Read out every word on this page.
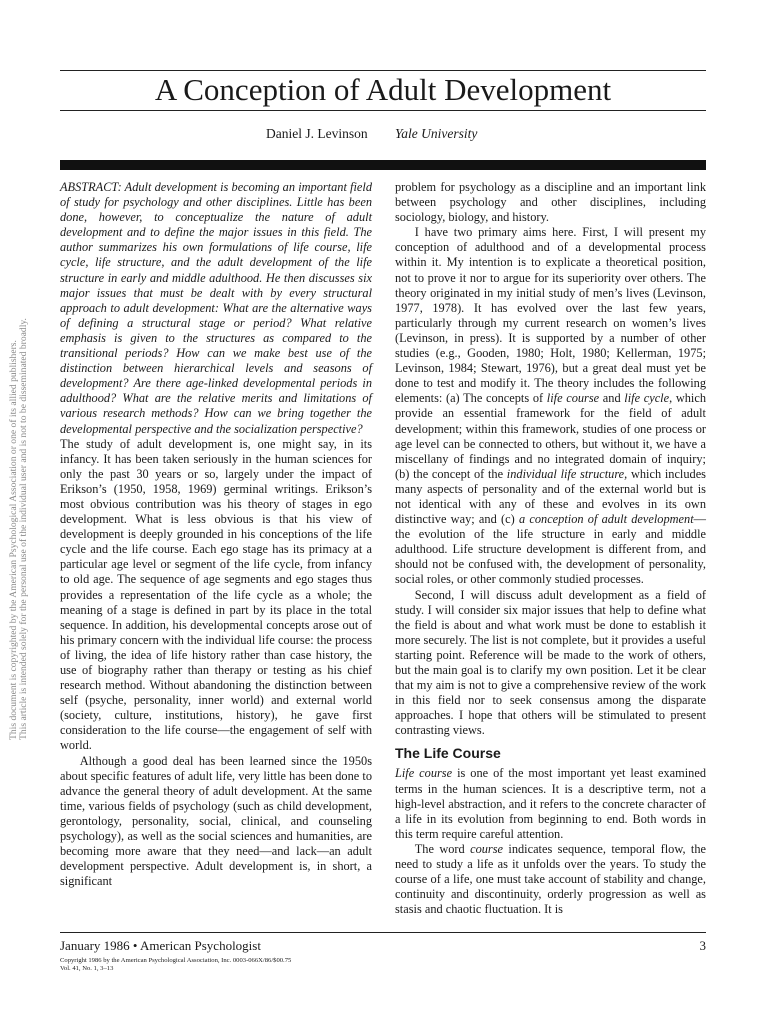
This document is copyrighted by the American Psychological Association or one of its allied publishers. This article is intended solely for the personal use of the individual user and is not to be disseminated broadly.
A Conception of Adult Development
Daniel J. Levinson Yale University

ABSTRACT: Adult development is becoming an important field of study for psychology and other disciplines. Little has been done, however, to conceptualize the nature of adult development and to define the major issues in this field. The author summarizes his own formulations of life course, life cycle, life structure, and the adult development of the life structure in early and middle adulthood. He then discusses six major issues that must be dealt with by every structural approach to adult development: What are the alternative ways of defining a structural stage or period? What relative emphasis is given to the structures as compared to the transitional periods? How can we make best use of the distinction between hierarchical levels and seasons of development? Are there age-linked developmental periods in adulthood? What are the relative merits and limitations of various research methods? How can we bring together the developmental perspective and the socialization perspective?

The study of adult development is, one might say, in its infancy. It has been taken seriously in the human sciences for only the past 30 years or so, largely under the impact of Erikson’s (1950, 1958, 1969) germinal writings. Erikson’s most obvious contribution was his theory of stages in ego development. What is less obvious is that his view of development is deeply grounded in his conceptions of the life cycle and the life course. Each ego stage has its primacy at a particular age level or segment of the life cycle, from infancy to old age. The sequence of age segments and ego stages thus provides a representation of the life cycle as a whole; the meaning of a stage is defined in part by its place in the total sequence. In addition, his developmental concepts arose out of his primary concern with the individual life course: the process of living, the idea of life history rather than case history, the use of biography rather than therapy or testing as his chief research method. Without abandoning the distinction between self (psyche, personality, inner world) and external world (society, culture, institutions, history), he gave first consideration to the life course—the engagement of self with world.

Although a good deal has been learned since the 1950s about specific features of adult life, very little has been done to advance the general theory of adult development. At the same time, various fields of psychology (such as child development, gerontology, personality, social, clinical, and counseling psychology), as well as the social sciences and humanities, are becoming more aware that they need—and lack—an adult development perspective. Adult development is, in short, a significant

problem for psychology as a discipline and an important link between psychology and other disciplines, including sociology, biology, and history.

I have two primary aims here. First, I will present my conception of adulthood and of a developmental process within it. My intention is to explicate a theoretical position, not to prove it nor to argue for its superiority over others. The theory originated in my initial study of men’s lives (Levinson, 1977, 1978). It has evolved over the last few years, particularly through my current research on women’s lives (Levinson, in press). It is supported by a number of other studies (e.g., Gooden, 1980; Holt, 1980; Kellerman, 1975; Levinson, 1984; Stewart, 1976), but a great deal must yet be done to test and modify it. The theory includes the following elements: (a) The concepts of life course and life cycle, which provide an essential framework for the field of adult development; within this framework, studies of one process or age level can be connected to others, but without it, we have a miscellany of findings and no integrated domain of inquiry; (b) the concept of the individual life structure, which includes many aspects of personality and of the external world but is not identical with any of these and evolves in its own distinctive way; and (c) a conception of adult development—the evolution of the life structure in early and middle adulthood. Life structure development is different from, and should not be confused with, the development of personality, social roles, or other commonly studied processes.

Second, I will discuss adult development as a field of study. I will consider six major issues that help to define what the field is about and what work must be done to establish it more securely. The list is not complete, but it provides a useful starting point. Reference will be made to the work of others, but the main goal is to clarify my own position. Let it be clear that my aim is not to give a comprehensive review of the work in this field nor to seek consensus among the disparate approaches. I hope that others will be stimulated to present contrasting views.

The Life Course

Life course is one of the most important yet least examined terms in the human sciences. It is a descriptive term, not a high-level abstraction, and it refers to the concrete character of a life in its evolution from beginning to end. Both words in this term require careful attention.

The word course indicates sequence, temporal flow, the need to study a life as it unfolds over the years. To study the course of a life, one must take account of stability and change, continuity and discontinuity, orderly progression as well as stasis and chaotic fluctuation. It is

January 1986 • American Psychologist	3
Copyright 1986 by the American Psychological Association, Inc. 0003-066X/86/$00.75
Vol. 41, No. 1, 3–13
